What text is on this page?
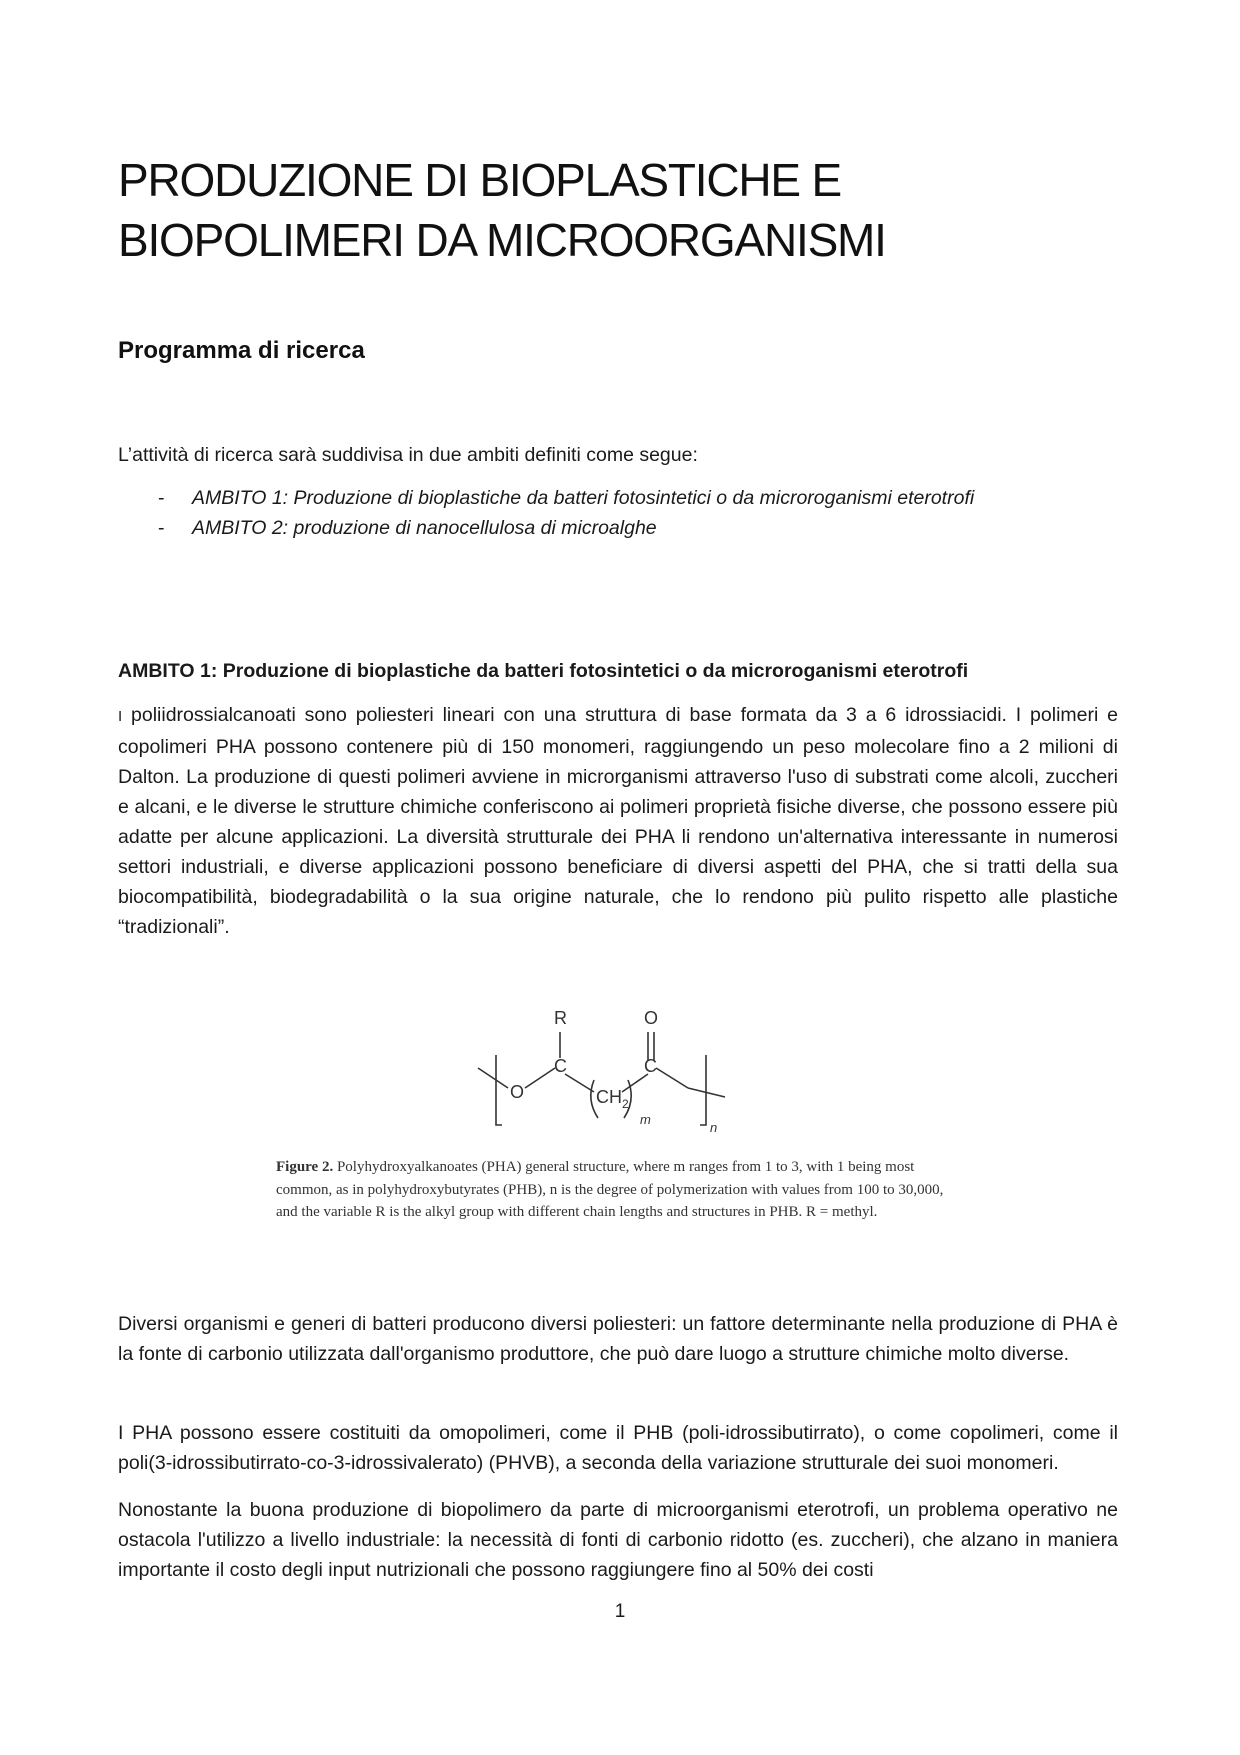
PRODUZIONE DI BIOPLASTICHE E
BIOPOLIMERI DA MICROORGANISMI
Programma di ricerca

L’attività di ricerca sarà suddivisa in due ambiti definiti come segue:

- AMBITO 1: Produzione di bioplastiche da batteri fotosintetici o da microroganismi eterotrofi
- AMBITO 2: produzione di nanocellulosa di microalghe
AMBITO 1: Produzione di bioplastiche da batteri fotosintetici o da microroganismi eterotrofi

I poliidrossialcanoati sono poliesteri lineari con una struttura di base formata da 3 a 6 idrossiacidi. I polimeri e copolimeri PHA possono contenere più di 150 monomeri, raggiungendo un peso molecolare fino a 2 milioni di Dalton. La produzione di questi polimeri avviene in microrganismi attraverso l'uso di substrati come alcoli, zuccheri e alcani, e le diverse le strutture chimiche conferiscono ai polimeri proprietà fisiche diverse, che possono essere più adatte per alcune applicazioni. La diversità strutturale dei PHA li rendono un'alternativa interessante in numerosi settori industriali, e diverse applicazioni possono beneficiare di diversi aspetti del PHA, che si tratti della sua biocompatibilità, biodegradabilità o la sua origine naturale, che lo rendono più pulito rispetto alle plastiche “tradizionali”.

R	O
C	C
O	CH 2
m
n

Figure 2. Polyhydroxyalkanoates (PHA) general structure, where m ranges from 1 to 3, with 1 being most common, as in polyhydroxybutyrates (PHB), n is the degree of polymerization with values from 100 to 30,000, and the variable R is the alkyl group with different chain lengths and structures in PHB. R = methyl.

Diversi organismi e generi di batteri producono diversi poliesteri: un fattore determinante nella produzione di PHA è la fonte di carbonio utilizzata dall'organismo produttore, che può dare luogo a strutture chimiche molto diverse.

I PHA possono essere costituiti da omopolimeri, come il PHB (poli-idrossibutirrato), o come copolimeri, come il poli(3-idrossibutirrato-co-3-idrossivalerato) (PHVB), a seconda della variazione strutturale dei suoi monomeri.

Nonostante la buona produzione di biopolimero da parte di microorganismi eterotrofi, un problema operativo ne ostacola l'utilizzo a livello industriale: la necessità di fonti di carbonio ridotto (es. zuccheri), che alzano in maniera importante il costo degli input nutrizionali che possono raggiungere fino al 50% dei costi

1
